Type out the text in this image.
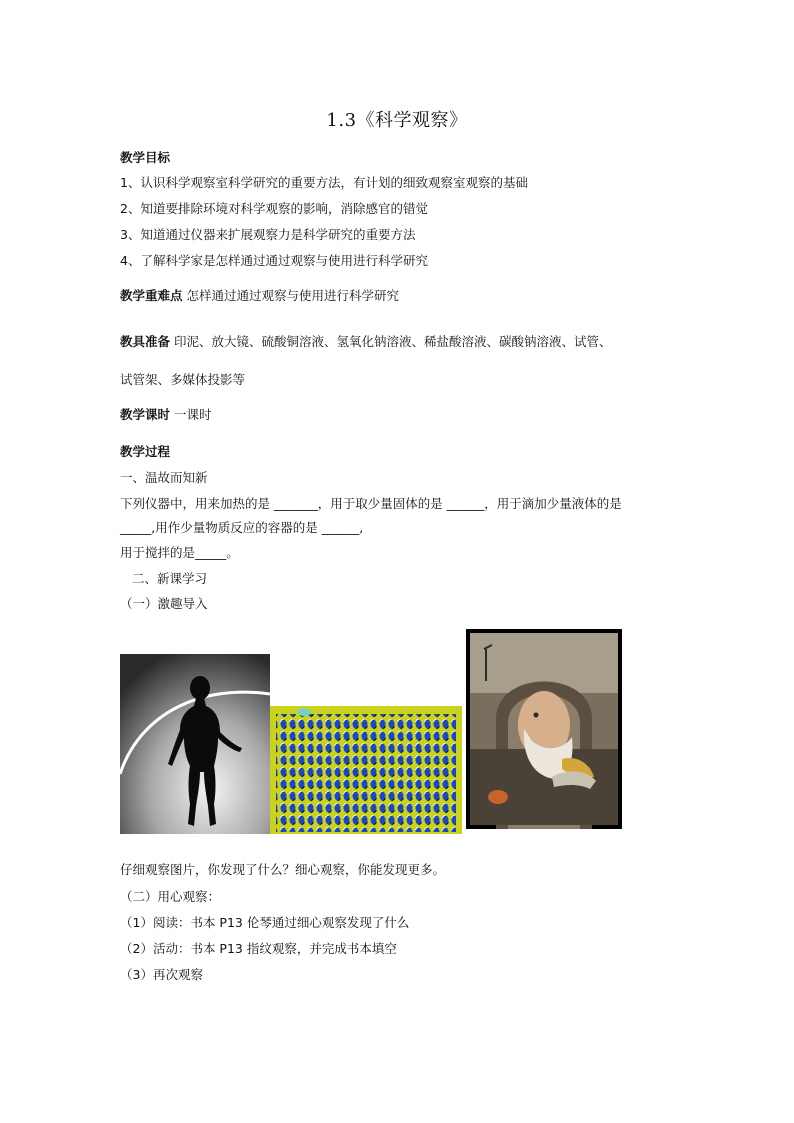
1.3《科学观察》
教学目标
1、认识科学观察室科学研究的重要方法，有计划的细致观察室观察的基础
2、知道要排除环境对科学观察的影响，消除感官的错觉
3、知道通过仪器来扩展观察力是科学研究的重要方法
4、了解科学家是怎样通过通过观察与使用进行科学研究
教学重难点 怎样通过通过观察与使用进行科学研究
教具准备 印泥、放大镜、硫酸铜溶液、氢氧化钠溶液、稀盐酸溶液、碳酸钠溶液、试管、
试管架、多媒体投影等
教学课时 一课时
教学过程
一、温故而知新
下列仪器中，用来加热的是 _______，用于取少量固体的是 ______，用于滴加少量液体的是
_____,用作少量物质反应的容器的是 ______,
用于搅拌的是_____。
二、新课学习
（一）激趣导入
仔细观察图片，你发现了什么？细心观察，你能发现更多。
（二）用心观察：
（1）阅读：书本 P13 伦琴通过细心观察发现了什么
（2）活动：书本 P13 指纹观察，并完成书本填空
（3）再次观察
